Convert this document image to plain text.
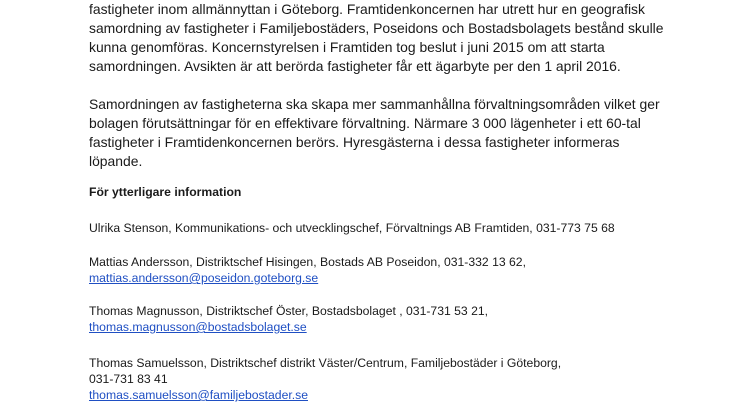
fastigheter inom allmännyttan i Göteborg. Framtidenkoncernen har utrett hur en geografisk
samordning av fastigheter i Familjebostäders, Poseidons och Bostadsbolagets bestånd skulle
kunna genomföras. Koncernstyrelsen i Framtiden tog beslut i juni 2015 om att starta
samordningen. Avsikten är att berörda fastigheter får ett ägarbyte per den 1 april 2016.

Samordningen av fastigheterna ska skapa mer sammanhållna förvaltningsområden vilket ger
bolagen förutsättningar för en effektivare förvaltning. Närmare 3 000 lägenheter i ett 60-tal
fastigheter i Framtidenkoncernen berörs. Hyresgästerna i dessa fastigheter informeras
löpande.

För ytterligare information

Ulrika Stenson, Kommunikations- och utvecklingschef, Förvaltnings AB Framtiden, 031-773 75 68
Mattias Andersson, Distriktschef Hisingen, Bostads AB Poseidon, 031-332 13 62,
mattias.andersson@poseidon.goteborg.se
Thomas Magnusson, Distriktschef Öster, Bostadsbolaget , 031-731 53 21,
thomas.magnusson@bostadsbolaget.se
Thomas Samuelsson, Distriktschef distrikt Väster/Centrum, Familjebostäder i Göteborg,
031-731 83 41
thomas.samuelsson@familjebostader.se
